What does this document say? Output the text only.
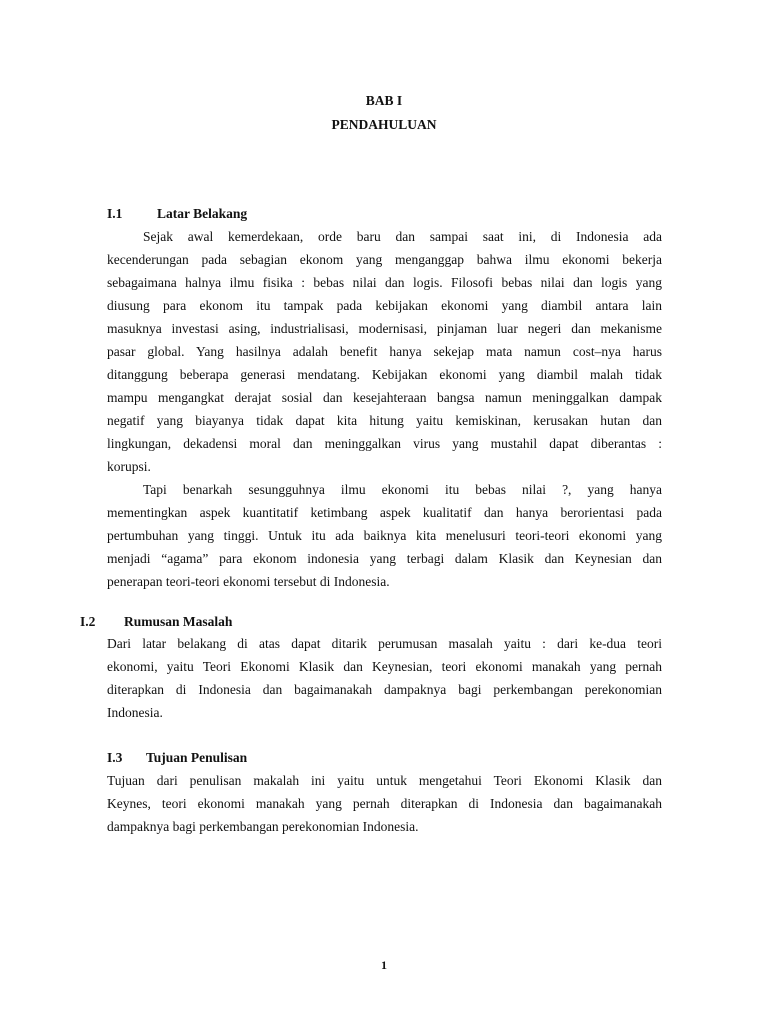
BAB I
PENDAHULUAN
I.1	Latar Belakang
Sejak awal kemerdekaan, orde baru dan sampai saat ini, di Indonesia ada
kecenderungan pada sebagian ekonom yang menganggap bahwa ilmu ekonomi bekerja
sebagaimana halnya ilmu fisika : bebas nilai dan logis. Filosofi bebas nilai dan logis yang
diusung para ekonom itu tampak pada kebijakan ekonomi yang diambil antara lain
masuknya investasi asing, industrialisasi, modernisasi, pinjaman luar negeri dan mekanisme
pasar global. Yang hasilnya adalah benefit hanya sekejap mata namun cost–nya harus
ditanggung beberapa generasi mendatang. Kebijakan ekonomi yang diambil malah tidak
mampu mengangkat derajat sosial dan kesejahteraan bangsa namun meninggalkan dampak
negatif yang biayanya tidak dapat kita hitung yaitu kemiskinan, kerusakan hutan dan
lingkungan, dekadensi moral dan meninggalkan virus yang mustahil dapat diberantas :
korupsi.
Tapi benarkah sesungguhnya ilmu ekonomi itu bebas nilai ?, yang hanya
mementingkan aspek kuantitatif ketimbang aspek kualitatif dan hanya berorientasi pada
pertumbuhan yang tinggi. Untuk itu ada baiknya kita menelusuri teori-teori ekonomi yang
menjadi “agama” para ekonom indonesia yang terbagi dalam Klasik dan Keynesian dan
penerapan teori-teori ekonomi tersebut di Indonesia.
I.2 Rumusan Masalah
Dari latar belakang di atas dapat ditarik perumusan masalah yaitu : dari ke-dua teori
ekonomi, yaitu Teori Ekonomi Klasik dan Keynesian, teori ekonomi manakah yang pernah
diterapkan di Indonesia dan bagaimanakah dampaknya bagi perkembangan perekonomian
Indonesia.
I.3 Tujuan Penulisan
Tujuan dari penulisan makalah ini yaitu untuk mengetahui Teori Ekonomi Klasik dan
Keynes, teori ekonomi manakah yang pernah diterapkan di Indonesia dan bagaimanakah
dampaknya bagi perkembangan perekonomian Indonesia.
1
